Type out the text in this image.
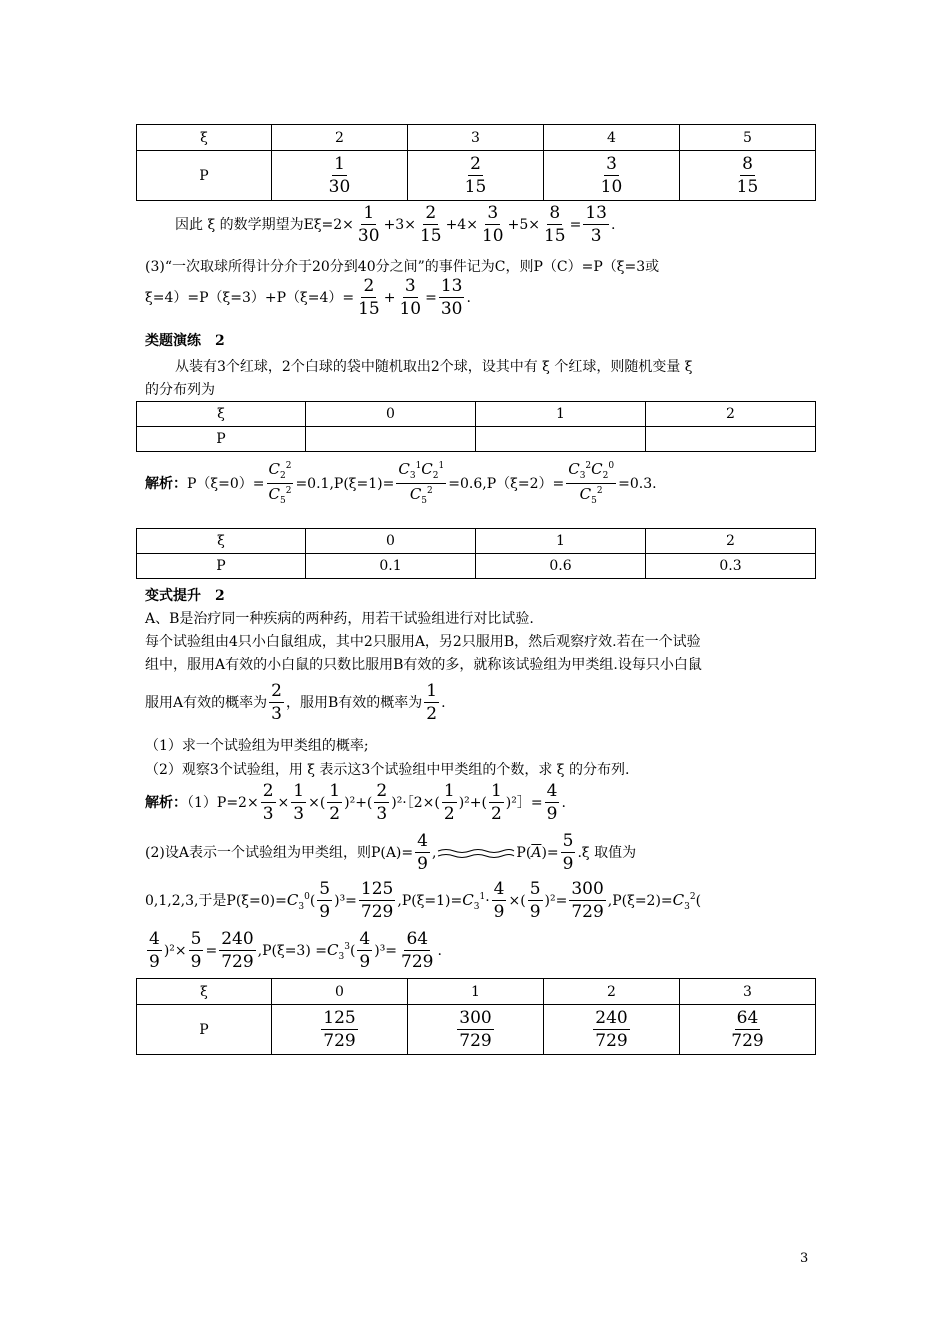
ξ	2	3	4	5
P	$\frac{1}{30}$	$\frac{2}{15}$	$\frac{3}{10}$	$\frac{8}{15}$
因此 ξ 的数学期望为$E\xi=2\times \frac{1}{30} +3\times \frac{2}{15} +4\times \frac{3}{10} +5\times \frac{8}{15} = \frac{13}{3}$ .
(3)“一次取球所得计分介于20分到40分之间”的事件记为C，则P（C）=P（ξ=3或
$\xi=4)=P(\xi=3)+P(\xi=4)= \frac{2}{15} + \frac{3}{10} = \frac{13}{30}$ .
类题演练　2
从装有3个红球，2个白球的袋中随机取出2个球，设其中有 ξ 个红球，则随机变量 ξ
的分布列为
ξ	0	1	2
P			
解析：$P(\xi=0)= \frac{C_2^2}{C_5^2} =0.1,P(\xi=1)= \frac{C_3^1C_2^1}{C_5^2} =0.6,P(\xi=2)= \frac{C_3^2C_2^0}{C_5^2} =0.3$.
ξ	0	1	2
P	0.1	0.6	0.3
变式提升　2
A、B是治疗同一种疾病的两种药，用若干试验组进行对比试验.
每个试验组由4只小白鼠组成，其中2只服用A，另2只服用B，然后观察疗效.若在一个试验
组中，服用A有效的小白鼠的只数比服用B有效的多，就称该试验组为甲类组.设每只小白鼠
服用A有效的概率为 $\frac{2}{3}$ ，服用B有效的概率为 $\frac{1}{2}$ .
（1）求一个试验组为甲类组的概率;
（2）观察3个试验组，用 ξ 表示这3个试验组中甲类组的个数，求 ξ 的分布列.
解析：$(1)P=2\times \frac{2}{3} \times \frac{1}{3}$ ×( $\frac{1}{2} )^2+( \frac{2}{3}$ )²·［2×( $\frac{1}{2} )^2+( \frac{1}{2}$ )²］= $\frac{4}{9}$ .
(2)设A表示一个试验组为甲类组，则$P(A)= \frac{4}{9}$ ,	$P(\overline{A})= \frac{5}{9} .\xi$ 取值为
0,1,2,3,于是$P(\xi=0)=C_3^0( \frac{5}{9} )^3= \frac{125}{729} ,P(\xi=1)=C_3^1\cdot \frac{4}{9}$ ×( $\frac{5}{9} )^2= \frac{300}{729} ,P(\xi=2)=C_3^2$(
$\frac{4}{9} )^2\times \frac{5}{9} = \frac{240}{729} ,P(\xi=3) =C_3^3( \frac{4}{9} )^3= \frac{64}{729}$ .
ξ	0	1	2	3
P	$\frac{125}{729}$	$\frac{300}{729}$	$\frac{240}{729}$	$\frac{64}{729}$
3
